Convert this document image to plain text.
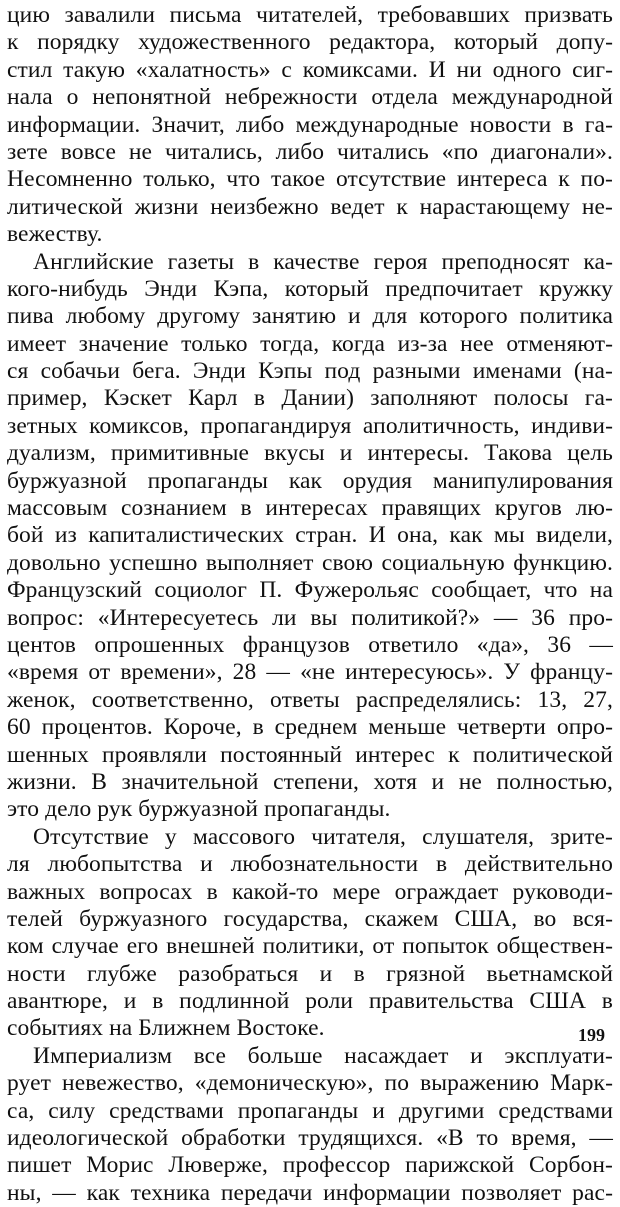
цию завалили письма читателей, требовавших призвать
к порядку художественного редактора, который допу-
стил такую «халатность» с комиксами. И ни одного сиг-
нала о непонятной небрежности отдела международной
информации. Значит, либо международные новости в га-
зете вовсе не читались, либо читались «по диагонали».
Несомненно только, что такое отсутствие интереса к по-
литической жизни неизбежно ведет к нарастающему не-
вежеству.
Английские газеты в качестве героя преподносят ка-
кого-нибудь Энди Кэпа, который предпочитает кружку
пива любому другому занятию и для которого политика
имеет значение только тогда, когда из-за нее отменяют-
ся собачьи бега. Энди Кэпы под разными именами (на-
пример, Кэскет Карл в Дании) заполняют полосы га-
зетных комиксов, пропагандируя аполитичность, индиви-
дуализм, примитивные вкусы и интересы. Такова цель
буржуазной пропаганды как орудия манипулирования
массовым сознанием в интересах правящих кругов лю-
бой из капиталистических стран. И она, как мы видели,
довольно успешно выполняет свою социальную функцию.
Французский социолог П. Фужерольяс сообщает, что на
вопрос: «Интересуетесь ли вы политикой?» — 36 про-
центов опрошенных французов ответило «да», 36 —
«время от времени», 28 — «не интересуюсь». У францу-
женок, соответственно, ответы распределялись: 13, 27,
60 процентов. Короче, в среднем меньше четверти опро-
шенных проявляли постоянный интерес к политической
жизни. В значительной степени, хотя и не полностью,
это дело рук буржуазной пропаганды.
Отсутствие у массового читателя, слушателя, зрите-
ля любопытства и любознательности в действительно
важных вопросах в какой-то мере ограждает руководи-
телей буржуазного государства, скажем США, во вся-
ком случае его внешней политики, от попыток обществен-
ности глубже разобраться и в грязной вьетнамской
авантюре, и в подлинной роли правительства США в
событиях на Ближнем Востоке.
Империализм все больше насаждает и эксплуати-
рует невежество, «демоническую», по выражению Марк-
са, силу средствами пропаганды и другими средствами
идеологической обработки трудящихся. «В то время, —
пишет Морис Люверже, профессор парижской Сорбон-
ны, — как техника передачи информации позволяет рас-
199
